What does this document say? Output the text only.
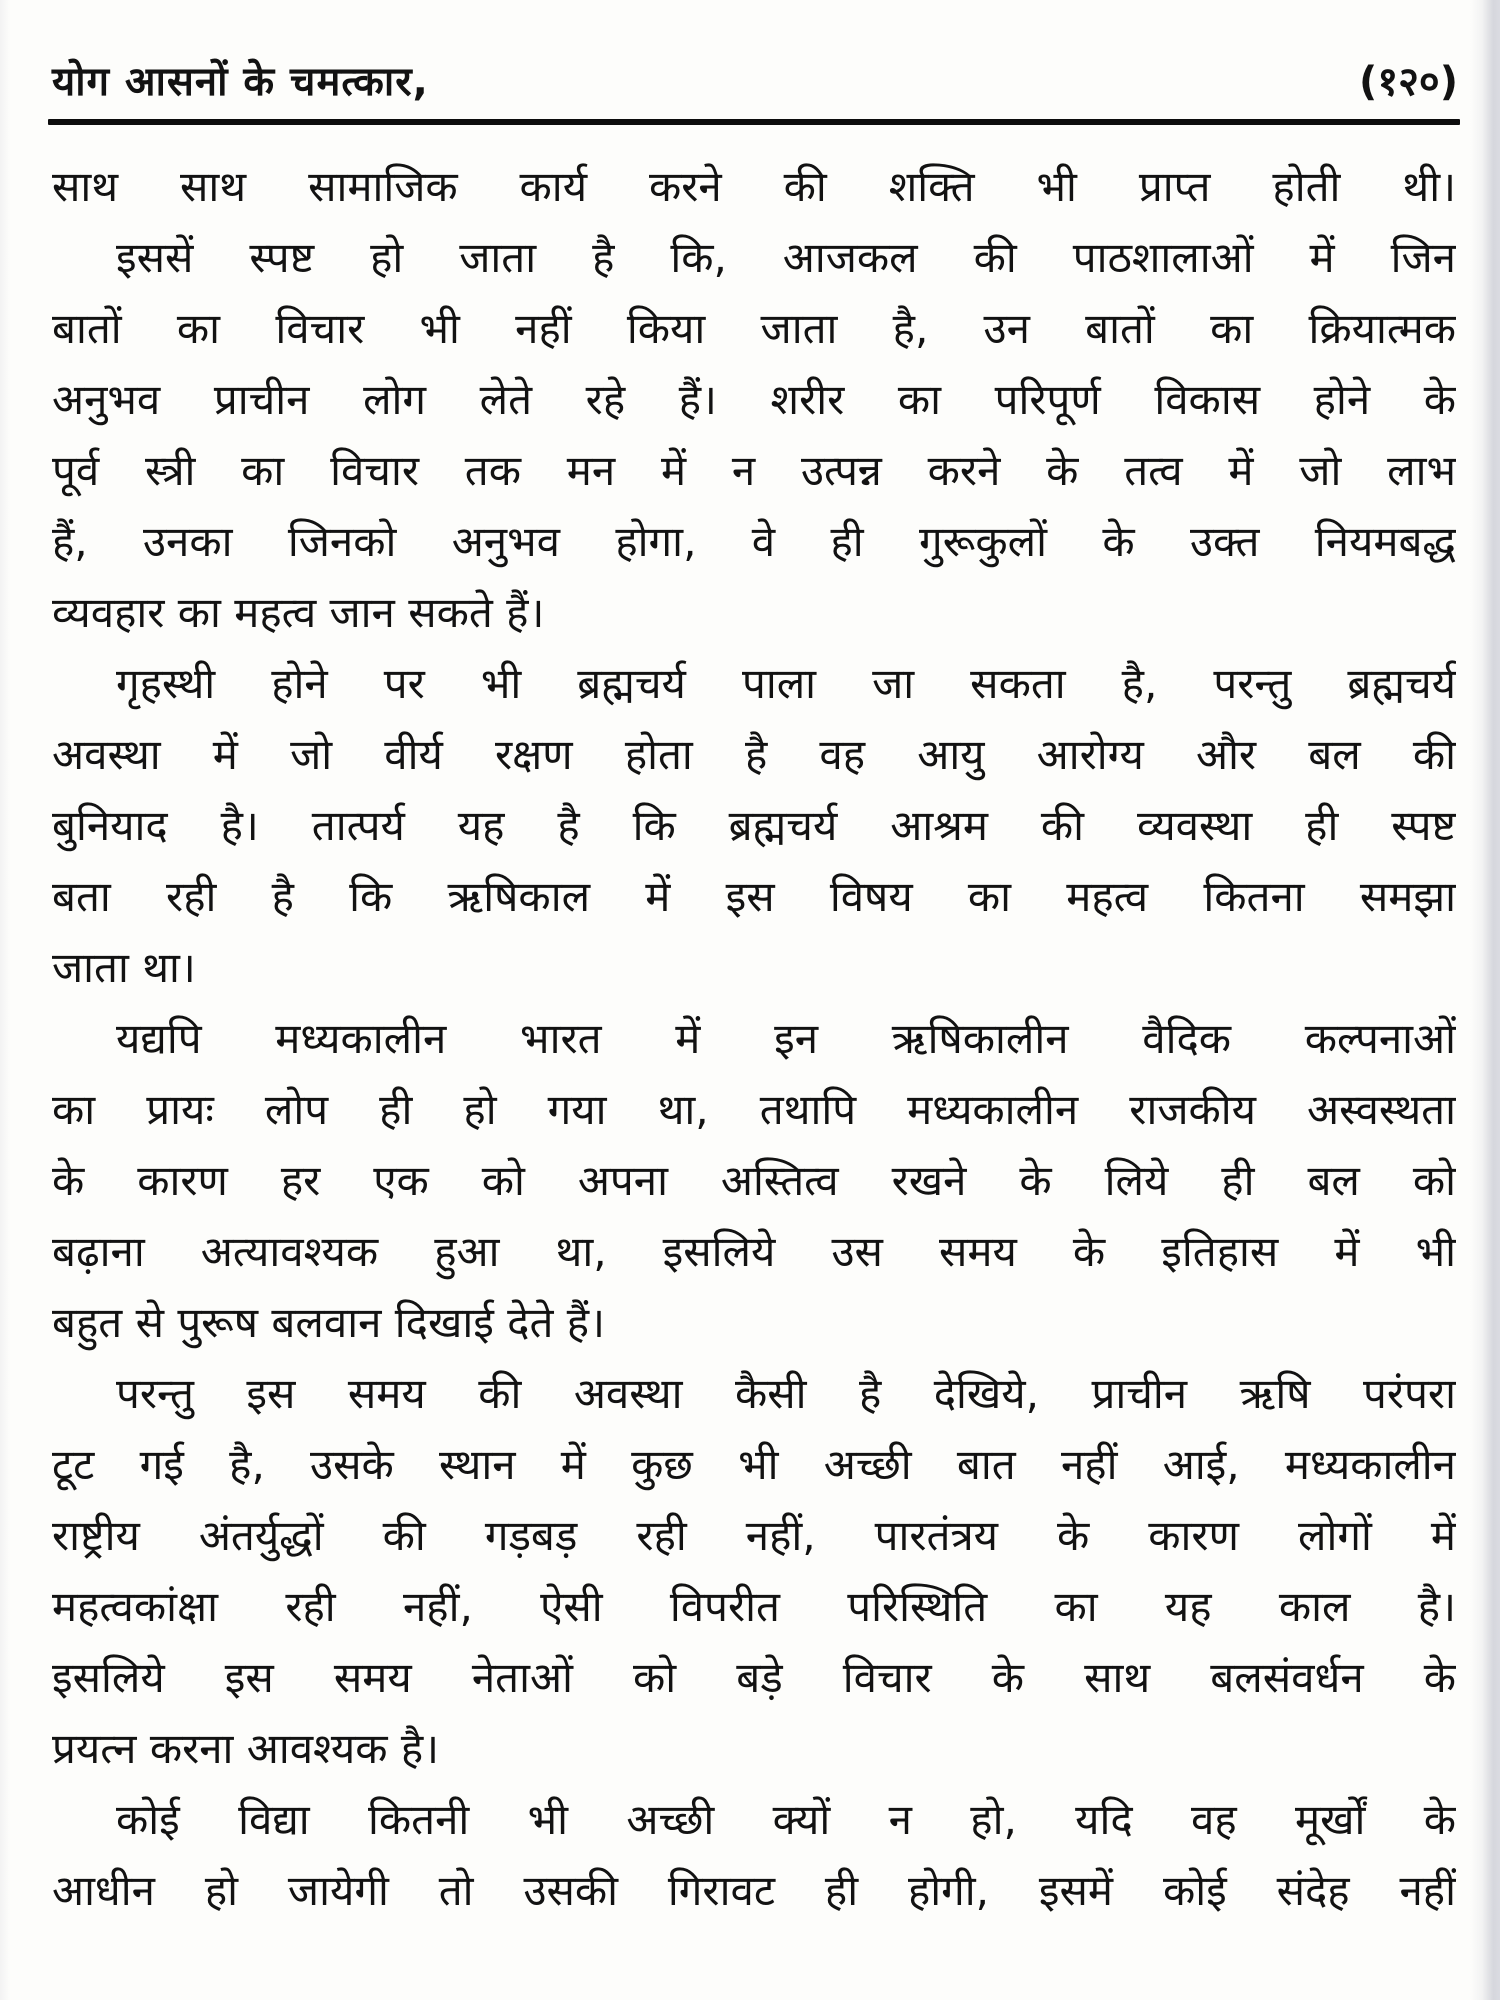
योग आसनों के चमत्कार,	(१२०)
साथ साथ सामाजिक कार्य करने की शक्ति भी प्राप्त होती थी।
इससें स्पष्ट हो जाता है कि, आजकल की पाठशालाओं में जिन
बातों का विचार भी नहीं किया जाता है, उन बातों का क्रियात्मक
अनुभव प्राचीन लोग लेते रहे हैं। शरीर का परिपूर्ण विकास होने के
पूर्व स्त्री का विचार तक मन में न उत्पन्न करने के तत्व में जो लाभ
हैं, उनका जिनको अनुभव होगा, वे ही गुरूकुलों के उक्त नियमबद्ध
व्यवहार का महत्व जान सकते हैं।
गृहस्थी होने पर भी ब्रह्मचर्य पाला जा सकता है, परन्तु ब्रह्मचर्य
अवस्था में जो वीर्य रक्षण होता है वह आयु आरोग्य और बल की
बुनियाद है। तात्पर्य यह है कि ब्रह्मचर्य आश्रम की व्यवस्था ही स्पष्ट
बता रही है कि ऋषिकाल में इस विषय का महत्व कितना समझा
जाता था।
यद्यपि मध्यकालीन भारत में इन ऋषिकालीन वैदिक कल्पनाओं
का प्रायः लोप ही हो गया था, तथापि मध्यकालीन राजकीय अस्वस्थता
के कारण हर एक को अपना अस्तित्व रखने के लिये ही बल को
बढ़ाना अत्यावश्यक हुआ था, इसलिये उस समय के इतिहास में भी
बहुत से पुरूष बलवान दिखाई देते हैं।
परन्तु इस समय की अवस्था कैसी है देखिये, प्राचीन ऋषि परंपरा
टूट गई है, उसके स्थान में कुछ भी अच्छी बात नहीं आई, मध्यकालीन
राष्ट्रीय अंतर्युद्धों की गड़बड़ रही नहीं, पारतंत्रय के कारण लोगों में
महत्वकांक्षा रही नहीं, ऐसी विपरीत परिस्थिति का यह काल है।
इसलिये इस समय नेताओं को बड़े विचार के साथ बलसंवर्धन के
प्रयत्न करना आवश्यक है।
कोई विद्या कितनी भी अच्छी क्यों न हो, यदि वह मूर्खों के
आधीन हो जायेगी तो उसकी गिरावट ही होगी, इसमें कोई संदेह नहीं
